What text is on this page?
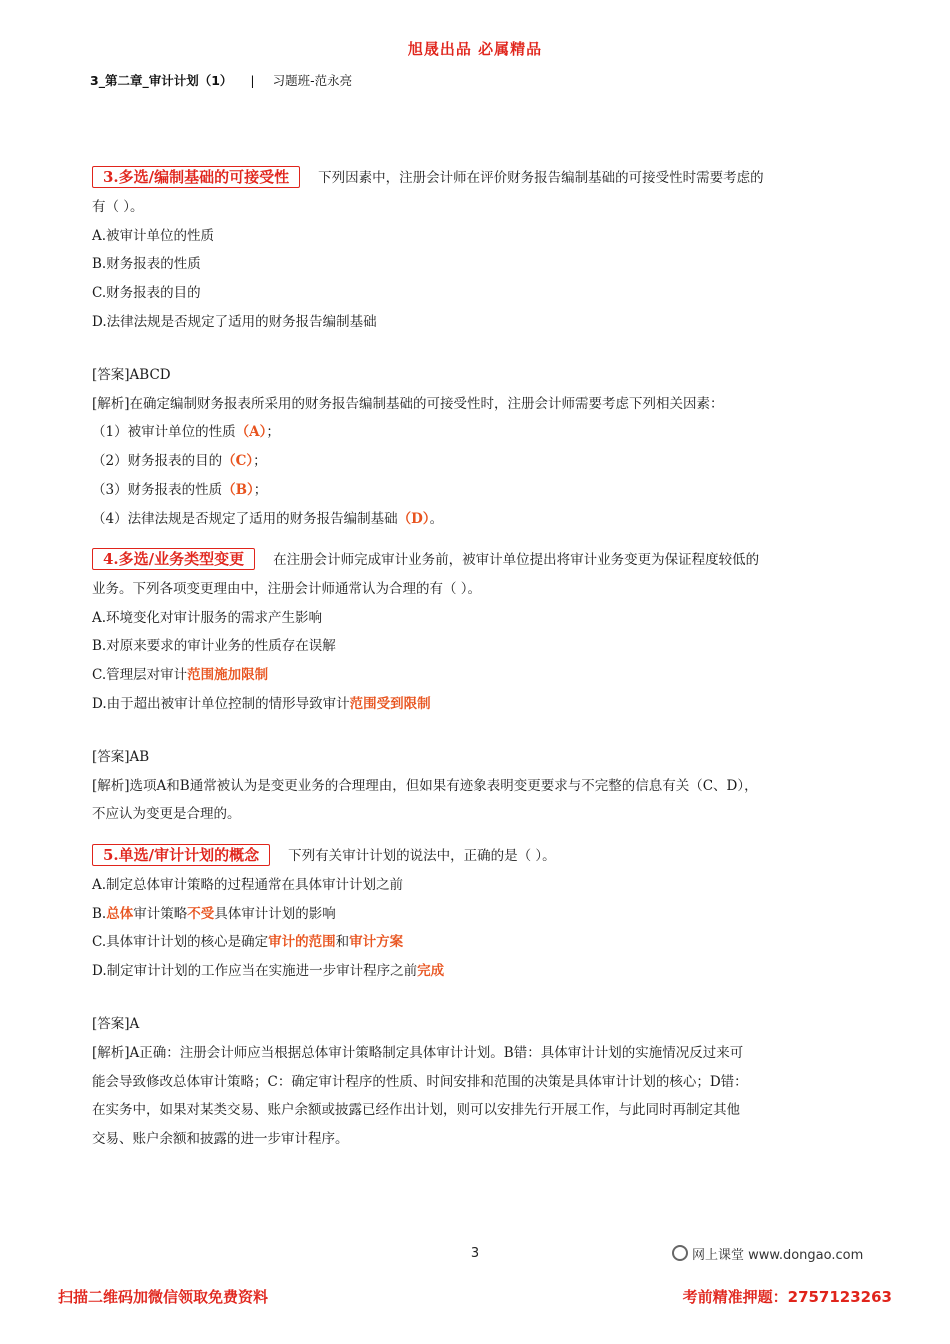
旭晟出品 必属精品
3_第二章_审计计划（1） | 习题班-范永亮
3.多选/编制基础的可接受性 下列因素中，注册会计师在评价财务报告编制基础的可接受性时需要考虑的
有（ ）。
A.被审计单位的性质
B.财务报表的性质
C.财务报表的目的
D.法律法规是否规定了适用的财务报告编制基础
[答案]ABCD
[解析]在确定编制财务报表所采用的财务报告编制基础的可接受性时，注册会计师需要考虑下列相关因素：
（1）被审计单位的性质（A）；
（2）财务报表的目的（C）；
（3）财务报表的性质（B）；
（4）法律法规是否规定了适用的财务报告编制基础（D）。
4.多选/业务类型变更 在注册会计师完成审计业务前，被审计单位提出将审计业务变更为保证程度较低的
业务。下列各项变更理由中，注册会计师通常认为合理的有（ ）。
A.环境变化对审计服务的需求产生影响
B.对原来要求的审计业务的性质存在误解
C.管理层对审计范围施加限制
D.由于超出被审计单位控制的情形导致审计范围受到限制
[答案]AB
[解析]选项A和B通常被认为是变更业务的合理理由，但如果有迹象表明变更要求与不完整的信息有关（C、D），
不应认为变更是合理的。
5.单选/审计计划的概念 下列有关审计计划的说法中，正确的是（ ）。
A.制定总体审计策略的过程通常在具体审计计划之前
B.总体审计策略不受具体审计计划的影响
C.具体审计计划的核心是确定审计的范围和审计方案
D.制定审计计划的工作应当在实施进一步审计程序之前完成
[答案]A
[解析]A正确：注册会计师应当根据总体审计策略制定具体审计计划。B错：具体审计计划的实施情况反过来可
能会导致修改总体审计策略；C：确定审计程序的性质、时间安排和范围的决策是具体审计计划的核心；D错：
在实务中，如果对某类交易、账户余额或披露已经作出计划，则可以安排先行开展工作，与此同时再制定其他
交易、账户余额和披露的进一步审计程序。
3	网上课堂 www.dongao.com
扫描二维码加微信领取免费资料	考前精准押题：2757123263
